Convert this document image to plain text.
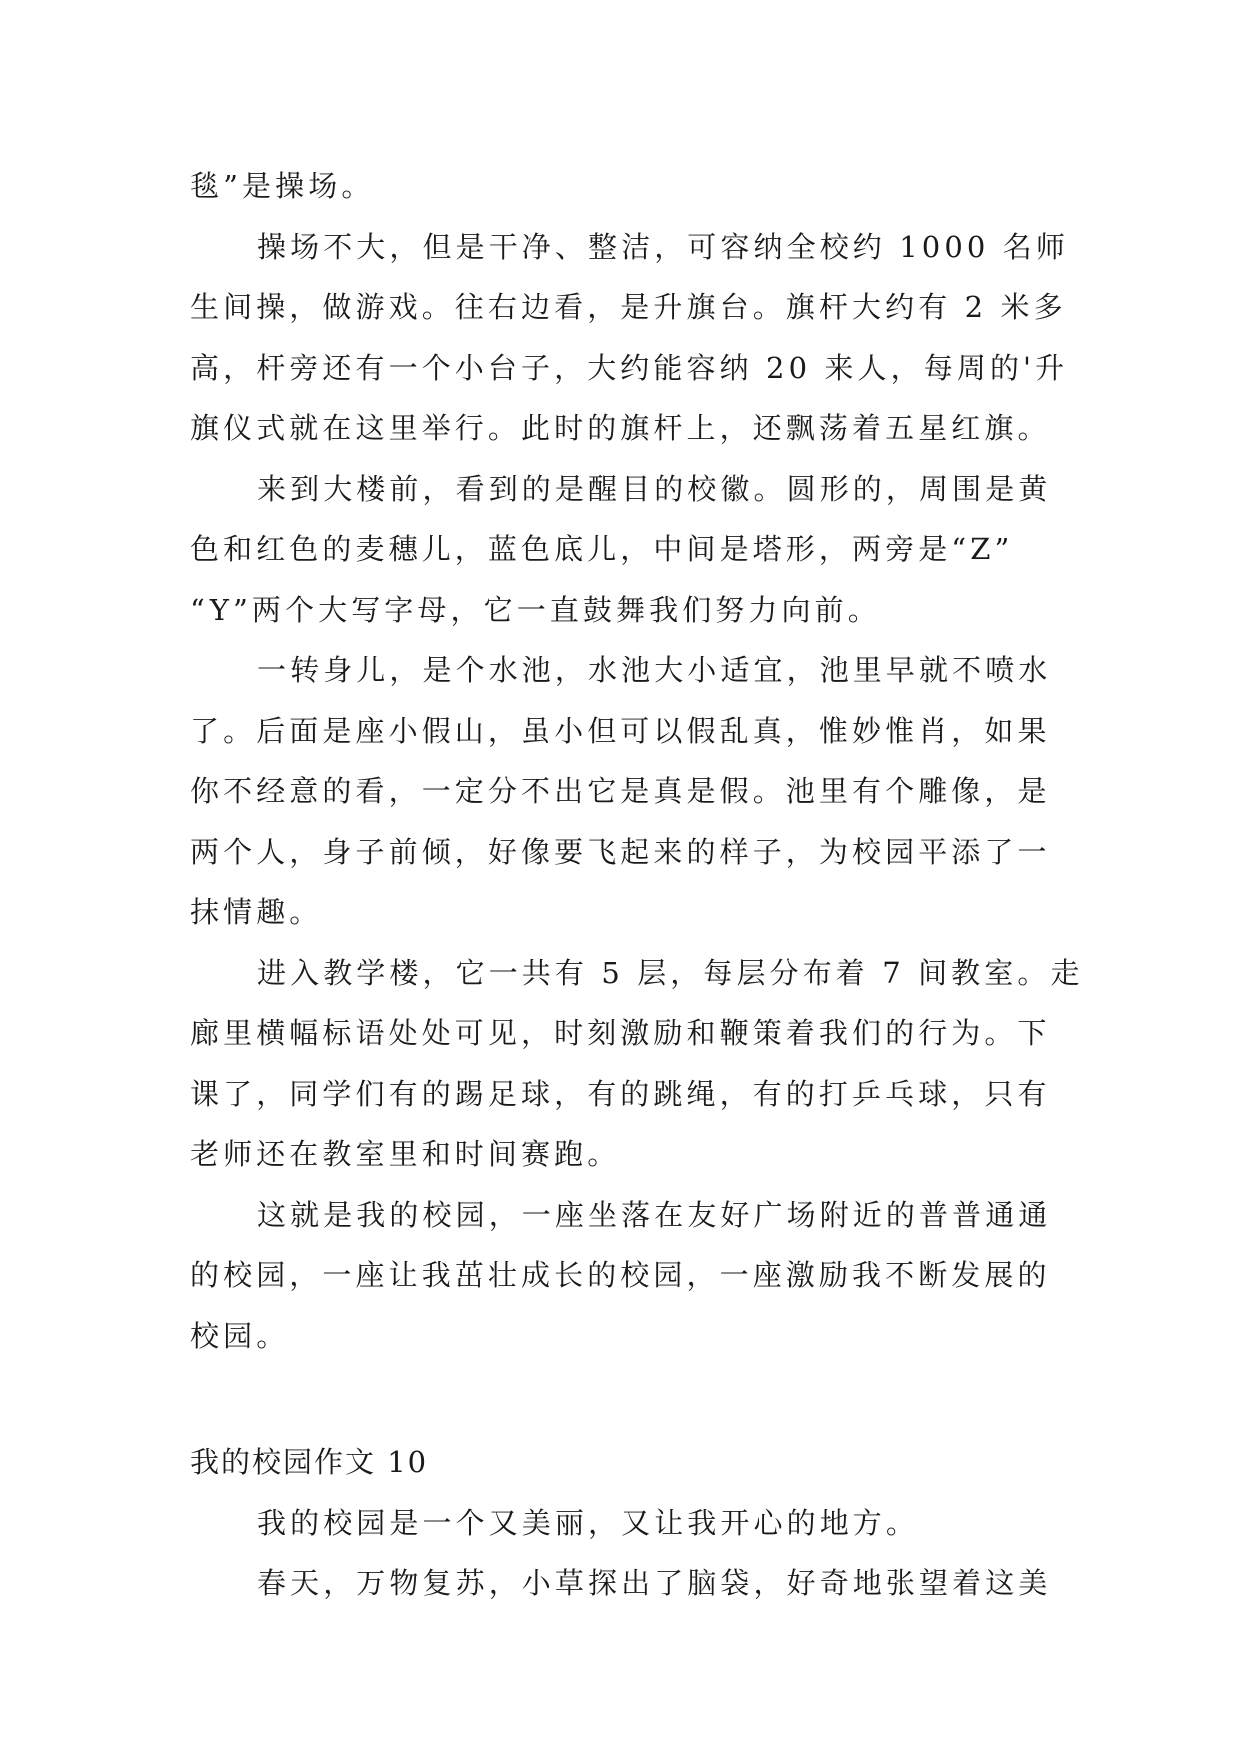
毯”是操场。
操场不大，但是干净、整洁，可容纳全校约 1000 名师
生间操，做游戏。往右边看，是升旗台。旗杆大约有 2 米多
高，杆旁还有一个小台子，大约能容纳 20 来人，每周的'升
旗仪式就在这里举行。此时的旗杆上，还飘荡着五星红旗。
来到大楼前，看到的是醒目的校徽。圆形的，周围是黄
色和红色的麦穗儿，蓝色底儿，中间是塔形，两旁是“Z”
“Y”两个大写字母，它一直鼓舞我们努力向前。
一转身儿，是个水池，水池大小适宜，池里早就不喷水
了。后面是座小假山，虽小但可以假乱真，惟妙惟肖，如果
你不经意的看，一定分不出它是真是假。池里有个雕像，是
两个人，身子前倾，好像要飞起来的样子，为校园平添了一
抹情趣。
进入教学楼，它一共有 5 层，每层分布着 7 间教室。走
廊里横幅标语处处可见，时刻激励和鞭策着我们的行为。下
课了，同学们有的踢足球，有的跳绳，有的打乒乓球，只有
老师还在教室里和时间赛跑。
这就是我的校园，一座坐落在友好广场附近的普普通通
的校园，一座让我茁壮成长的校园，一座激励我不断发展的
校园。
我的校园作文 10
我的校园是一个又美丽，又让我开心的地方。
春天，万物复苏，小草探出了脑袋，好奇地张望着这美
